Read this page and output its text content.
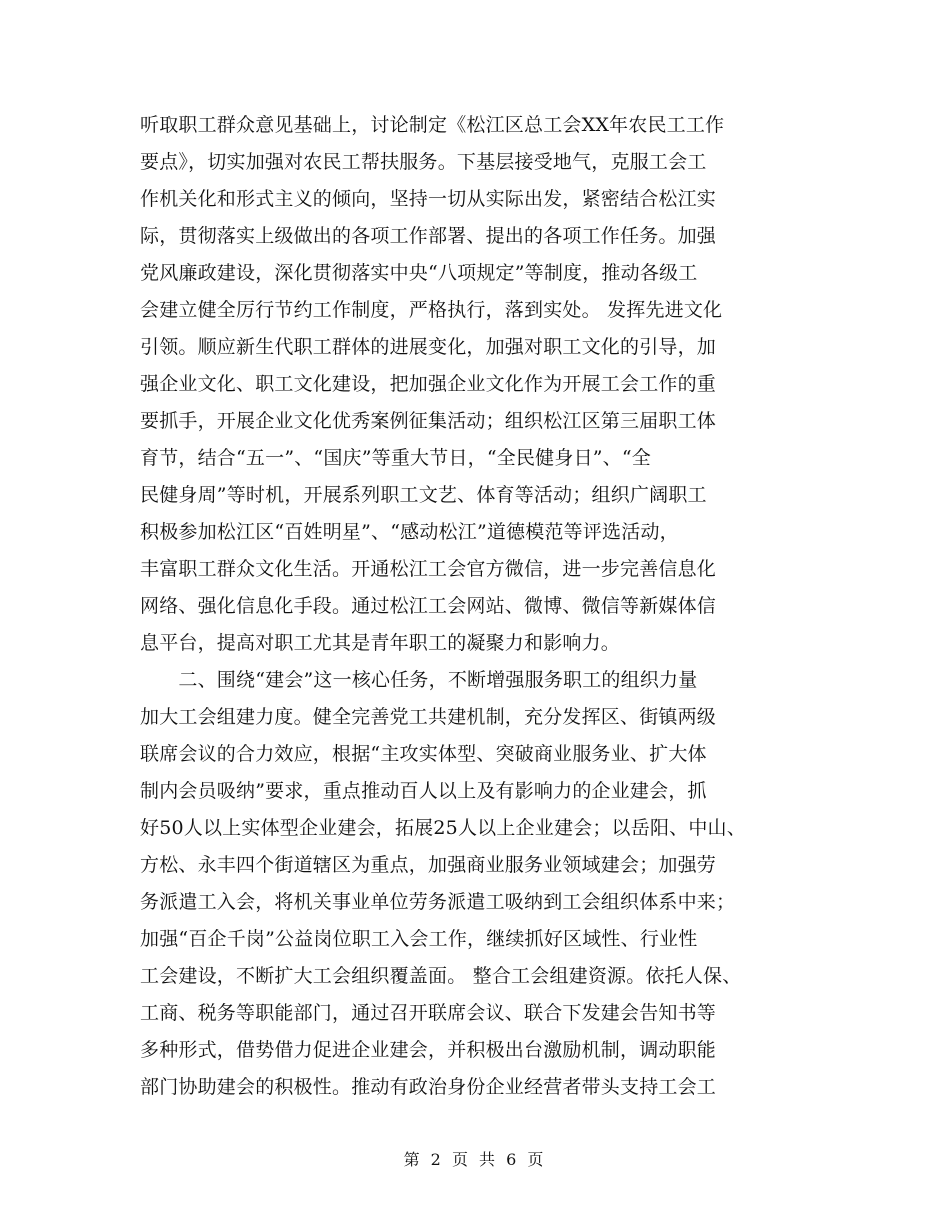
听取职工群众意见基础上，讨论制定《松江区总工会XX年农民工工作
要点》，切实加强对农民工帮扶服务。下基层接受地气，克服工会工
作机关化和形式主义的倾向，坚持一切从实际出发，紧密结合松江实
际，贯彻落实上级做出的各项工作部署、提出的各项工作任务。加强
党风廉政建设，深化贯彻落实中央“八项规定”等制度，推动各级工
会建立健全厉行节约工作制度，严格执行，落到实处。 发挥先进文化
引领。顺应新生代职工群体的进展变化，加强对职工文化的引导，加
强企业文化、职工文化建设，把加强企业文化作为开展工会工作的重
要抓手，开展企业文化优秀案例征集活动；组织松江区第三届职工体
育节，结合“五一”、“国庆”等重大节日，“全民健身日”、“全
民健身周”等时机，开展系列职工文艺、体育等活动；组织广阔职工
积极参加松江区“百姓明星”、“感动松江”道德模范等评选活动，
丰富职工群众文化生活。开通松江工会官方微信，进一步完善信息化
网络、强化信息化手段。通过松江工会网站、微博、微信等新媒体信
息平台，提高对职工尤其是青年职工的凝聚力和影响力。
　　二、围绕“建会”这一核心任务，不断增强服务职工的组织力量
加大工会组建力度。健全完善党工共建机制，充分发挥区、街镇两级
联席会议的合力效应，根据“主攻实体型、突破商业服务业、扩大体
制内会员吸纳”要求，重点推动百人以上及有影响力的企业建会，抓
好50人以上实体型企业建会，拓展25人以上企业建会；以岳阳、中山、
方松、永丰四个街道辖区为重点，加强商业服务业领域建会；加强劳
务派遣工入会，将机关事业单位劳务派遣工吸纳到工会组织体系中来；
加强“百企千岗”公益岗位职工入会工作，继续抓好区域性、行业性
工会建设，不断扩大工会组织覆盖面。 整合工会组建资源。依托人保、
工商、税务等职能部门，通过召开联席会议、联合下发建会告知书等
多种形式，借势借力促进企业建会，并积极出台激励机制，调动职能
部门协助建会的积极性。推动有政治身份企业经营者带头支持工会工
第 2 页 共 6 页
